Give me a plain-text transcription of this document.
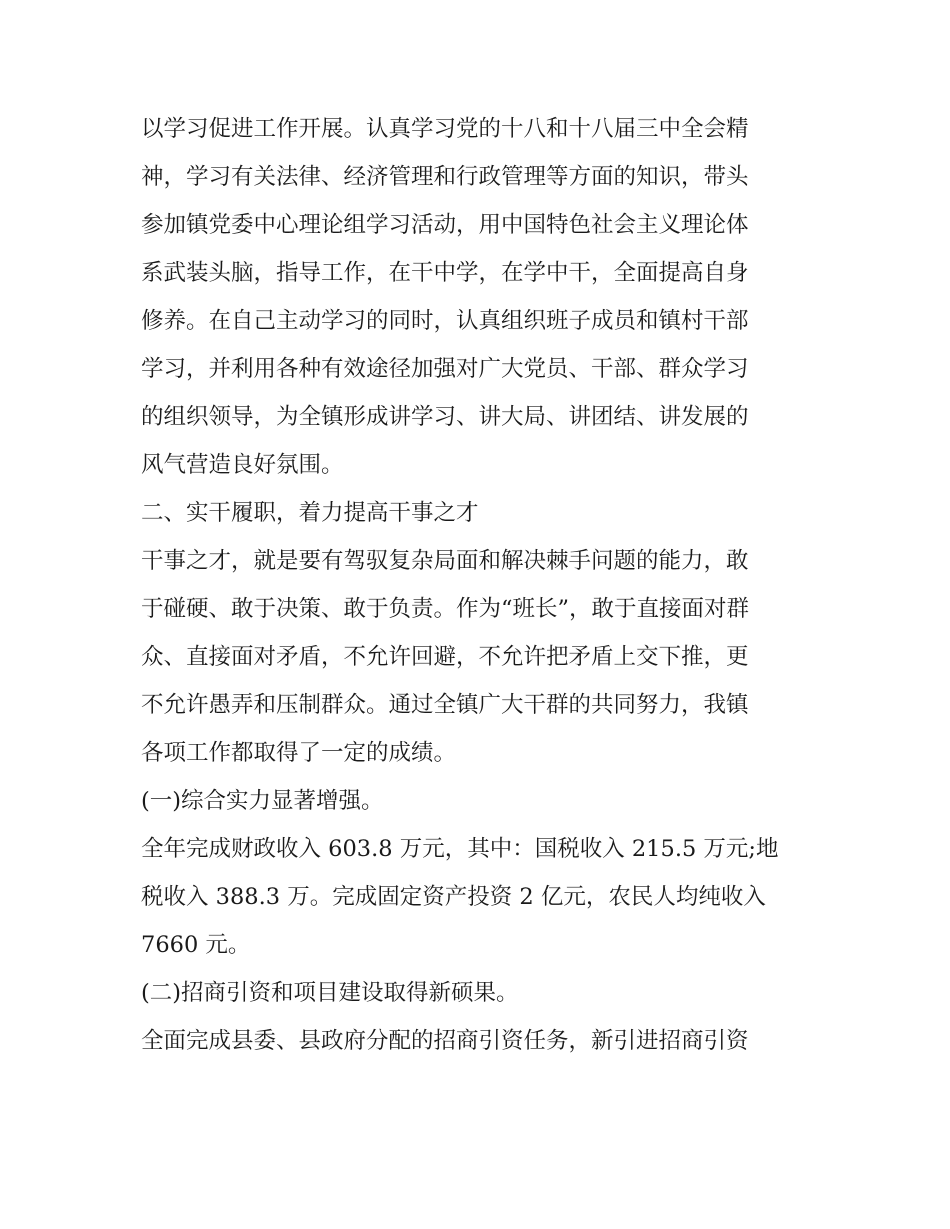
以学习促进工作开展。认真学习党的十八和十八届三中全会精
神，学习有关法律、经济管理和行政管理等方面的知识，带头
参加镇党委中心理论组学习活动，用中国特色社会主义理论体
系武装头脑，指导工作，在干中学，在学中干，全面提高自身
修养。在自己主动学习的同时，认真组织班子成员和镇村干部
学习，并利用各种有效途径加强对广大党员、干部、群众学习
的组织领导，为全镇形成讲学习、讲大局、讲团结、讲发展的
风气营造良好氛围。
二、实干履职，着力提高干事之才
干事之才，就是要有驾驭复杂局面和解决棘手问题的能力，敢
于碰硬、敢于决策、敢于负责。作为“班长”，敢于直接面对群
众、直接面对矛盾，不允许回避，不允许把矛盾上交下推，更
不允许愚弄和压制群众。通过全镇广大干群的共同努力，我镇
各项工作都取得了一定的成绩。
(一)综合实力显著增强。
全年完成财政收入 603.8 万元，其中：国税收入 215.5 万元;地
税收入 388.3 万。完成固定资产投资 2 亿元，农民人均纯收入
7660 元。
(二)招商引资和项目建设取得新硕果。
全面完成县委、县政府分配的招商引资任务，新引进招商引资
